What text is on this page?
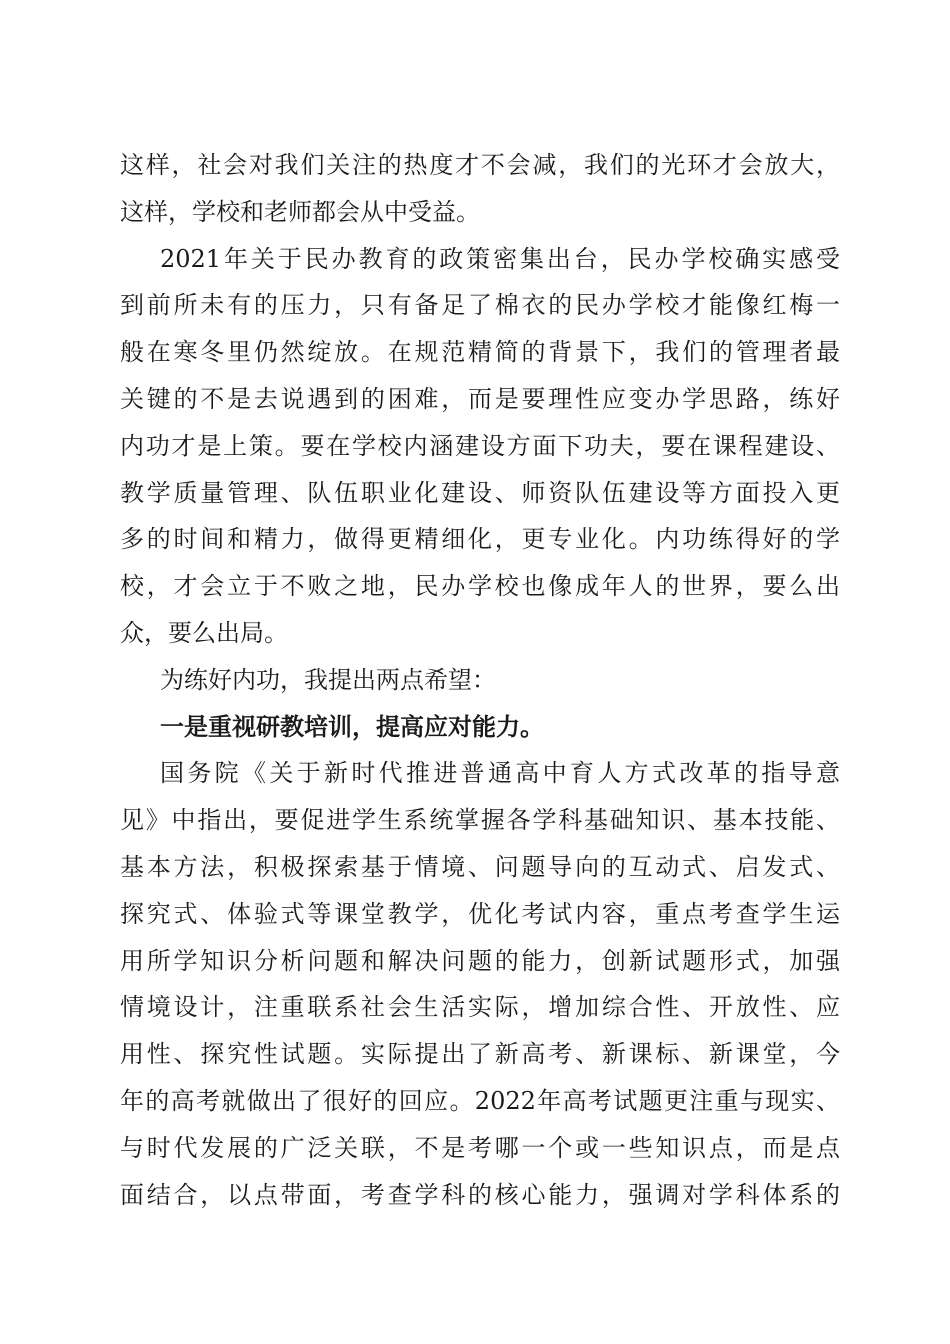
这样，社会对我们关注的热度才不会减，我们的光环才会放大，
这样，学校和老师都会从中受益。
2021年关于民办教育的政策密集出台，民办学校确实感受
到前所未有的压力，只有备足了棉衣的民办学校才能像红梅一
般在寒冬里仍然绽放。在规范精简的背景下，我们的管理者最
关键的不是去说遇到的困难，而是要理性应变办学思路，练好
内功才是上策。要在学校内涵建设方面下功夫，要在课程建设、
教学质量管理、队伍职业化建设、师资队伍建设等方面投入更
多的时间和精力，做得更精细化，更专业化。内功练得好的学
校，才会立于不败之地，民办学校也像成年人的世界，要么出
众，要么出局。
为练好内功，我提出两点希望：
一是重视研教培训，提高应对能力。
国务院《关于新时代推进普通高中育人方式改革的指导意
见》中指出，要促进学生系统掌握各学科基础知识、基本技能、
基本方法，积极探索基于情境、问题导向的互动式、启发式、
探究式、体验式等课堂教学，优化考试内容，重点考查学生运
用所学知识分析问题和解决问题的能力，创新试题形式，加强
情境设计，注重联系社会生活实际，增加综合性、开放性、应
用性、探究性试题。实际提出了新高考、新课标、新课堂，今
年的高考就做出了很好的回应。2022年高考试题更注重与现实、
与时代发展的广泛关联，不是考哪一个或一些知识点，而是点
面结合，以点带面，考查学科的核心能力，强调对学科体系的
